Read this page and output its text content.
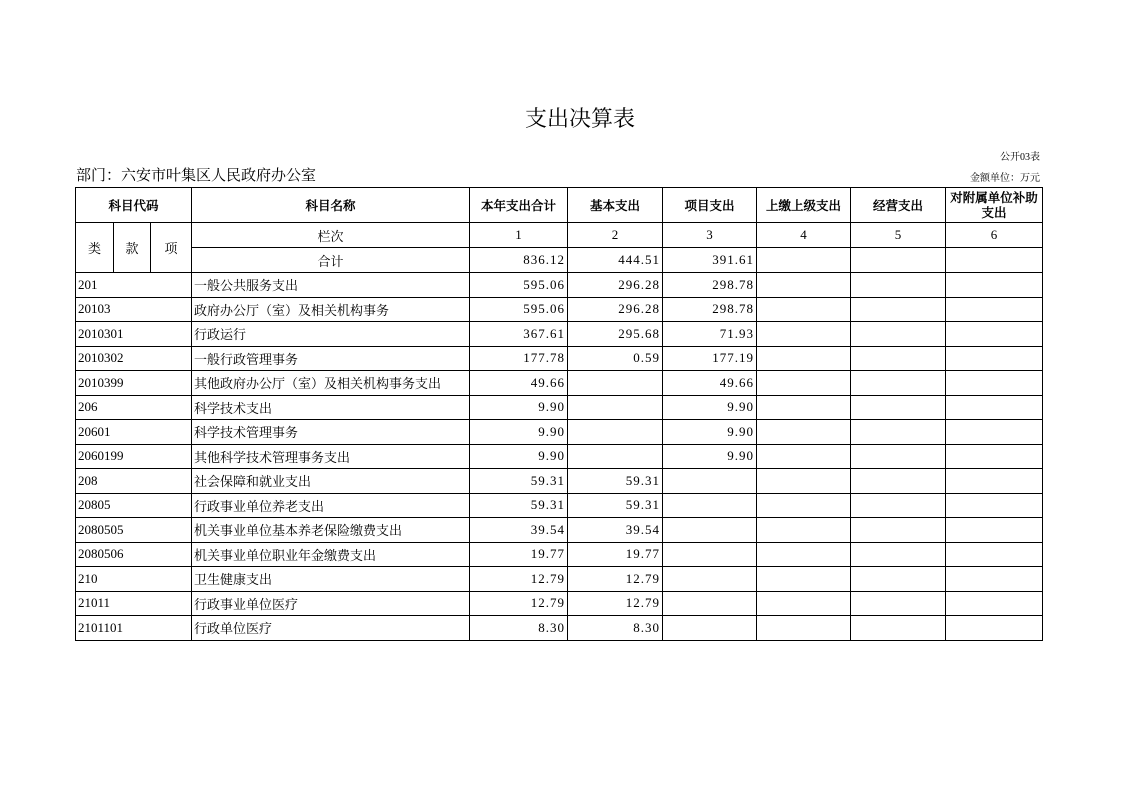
支出决算表
公开03表
部门：六安市叶集区人民政府办公室	金额单位：万元
科目代码			科目名称	本年支出合计	基本支出	项目支出	上缴上级支出	经营支出	对附属单位补助支出
类	款	项	栏次	1	2	3	4	5	6
			合计	836.12	444.51	391.61			
201			一般公共服务支出	595.06	296.28	298.78			
20103			政府办公厅（室）及相关机构事务	595.06	296.28	298.78			
2010301			行政运行	367.61	295.68	71.93			
2010302			一般行政管理事务	177.78	0.59	177.19			
2010399			其他政府办公厅（室）及相关机构事务支出	49.66		49.66			
206			科学技术支出	9.90		9.90			
20601			科学技术管理事务	9.90		9.90			
2060199			其他科学技术管理事务支出	9.90		9.90			
208			社会保障和就业支出	59.31	59.31				
20805			行政事业单位养老支出	59.31	59.31				
2080505			机关事业单位基本养老保险缴费支出	39.54	39.54				
2080506			机关事业单位职业年金缴费支出	19.77	19.77				
210			卫生健康支出	12.79	12.79				
21011			行政事业单位医疗	12.79	12.79				
2101101			行政单位医疗	8.30	8.30				
